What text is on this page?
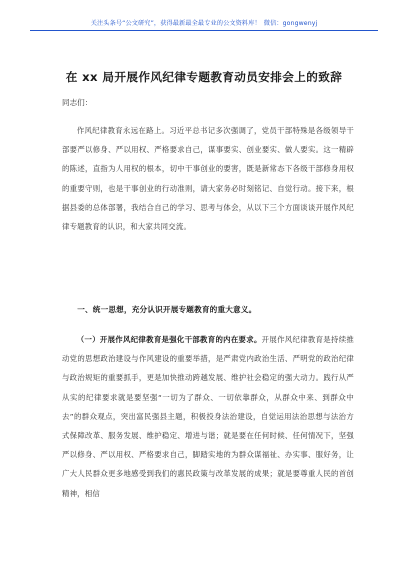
关注头条号“公文研究”，获得最新最全最专业的公文资料库！ 微信：gongwenyj
在 xx 局开展作风纪律专题教育动员安排会上的致辞
同志们：

作风纪律教育永远在路上。习近平总书记多次强调了，党员干部特殊是各级领导干部要严以修身、严以用权、严格要求自己，谋事要实、创业要实、做人要实。这一精辟的陈述，直指为人用权的根本，切中干事创业的要害，既是新常态下各级干部修身用权的重要守则，也是干事创业的行动准则，请大家务必时刻铭记、自觉行动。接下来，根据县委的总体部署，我结合自己的学习、思考与体会，从以下三个方面谈谈开展作风纪律专题教育的认识，和大家共同交流。

一、统一思想，充分认识开展专题教育的重大意义。

（一）开展作风纪律教育是强化干部教育的内在要求。开展作风纪律教育是持续推动党的思想政治建设与作风建设的重要举措，是严肃党内政治生活、严明党的政治纪律与政治规矩的重要抓手，更是加快推动跨越发展、维护社会稳定的强大动力。践行从严从实的纪律要求就是要坚强“一切为了群众、一切依靠群众，从群众中来、到群众中去”的群众观点，突出富民强县主题，积极投身法治建设，自觉运用法治思想与法治方式保障改革、服务发展、维护稳定、增进与谐；就是要在任何时候、任何情况下，坚强严以修身、严以用权、严格要求自己，脚踏实地的为群众谋福祉、办实事、服好务，让广大人民群众更多地感受到我们的惠民政策与改革发展的成果；就是要尊重人民的首创精神，相信
